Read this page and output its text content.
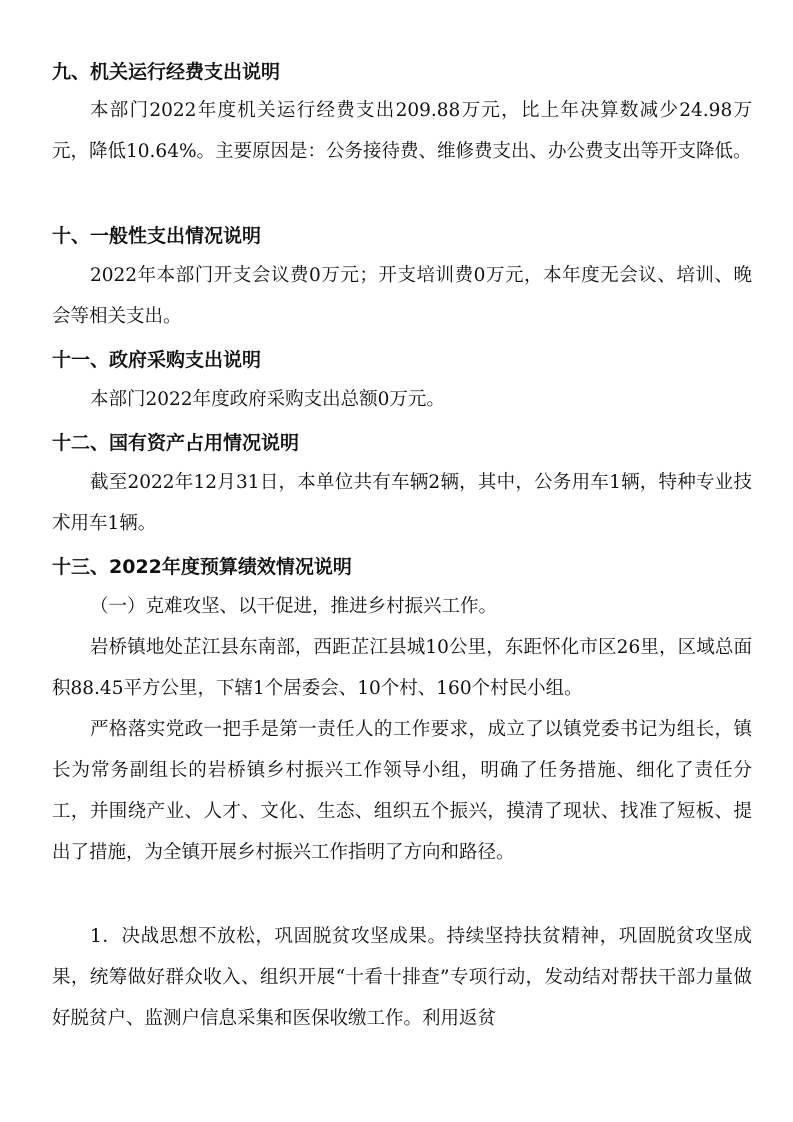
九、机关运行经费支出说明

本部门2022年度机关运行经费支出209.88万元，比上年决算数减少24.98万元，降低10.64%。主要原因是：公务接待费、维修费支出、办公费支出等开支降低。

十、一般性支出情况说明

2022年本部门开支会议费0万元；开支培训费0万元，本年度无会议、培训、晚会等相关支出。

十一、政府采购支出说明

本部门2022年度政府采购支出总额0万元。

十二、国有资产占用情况说明

截至2022年12月31日，本单位共有车辆2辆，其中，公务用车1辆，特种专业技术用车1辆。

十三、2022年度预算绩效情况说明

（一）克难攻坚、以干促进，推进乡村振兴工作。

岩桥镇地处芷江县东南部，西距芷江县城10公里，东距怀化市区26里，区域总面积88.45平方公里，下辖1个居委会、10个村、160个村民小组。

严格落实党政一把手是第一责任人的工作要求，成立了以镇党委书记为组长，镇长为常务副组长的岩桥镇乡村振兴工作领导小组，明确了任务措施、细化了责任分工，并围绕产业、人才、文化、生态、组织五个振兴，摸清了现状、找准了短板、提出了措施，为全镇开展乡村振兴工作指明了方向和路径。

1．决战思想不放松，巩固脱贫攻坚成果。持续坚持扶贫精神，巩固脱贫攻坚成果，统筹做好群众收入、组织开展“十看十排查”专项行动，发动结对帮扶干部力量做好脱贫户、监测户信息采集和医保收缴工作。利用返贫
